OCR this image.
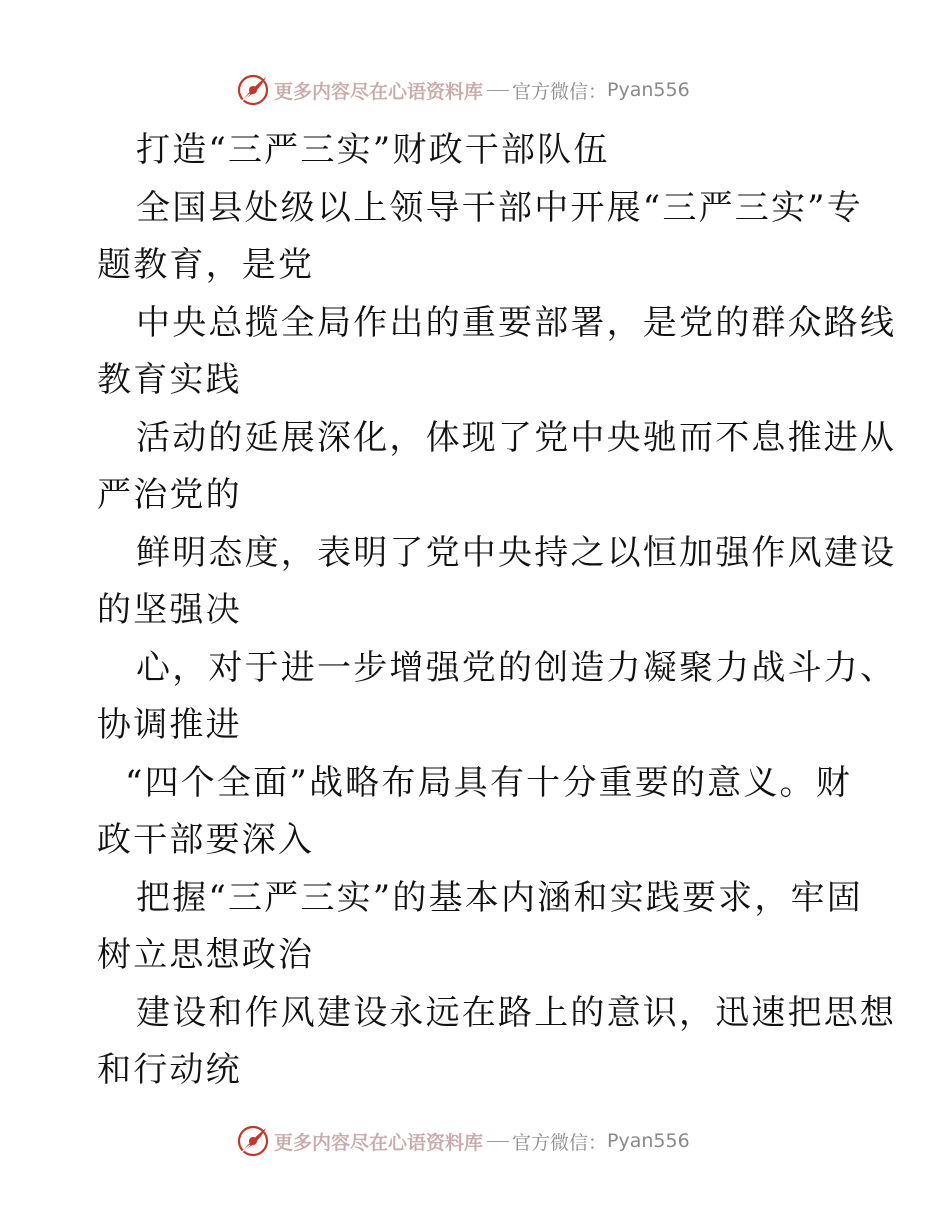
更多内容尽在心语资料库 官方微信： Pyan556
打造“三严三实”财政干部队伍
全国县处级以上领导干部中开展“三严三实”专
题教育，是党
中央总揽全局作出的重要部署，是党的群众路线
教育实践
活动的延展深化，体现了党中央驰而不息推进从
严治党的
鲜明态度，表明了党中央持之以恒加强作风建设
的坚强决
心，对于进一步增强党的创造力凝聚力战斗力、
协调推进
“四个全面”战略布局具有十分重要的意义。财
政干部要深入
把握“三严三实”的基本内涵和实践要求，牢固
树立思想政治
建设和作风建设永远在路上的意识，迅速把思想
和行动统
更多内容尽在心语资料库 官方微信： Pyan556
